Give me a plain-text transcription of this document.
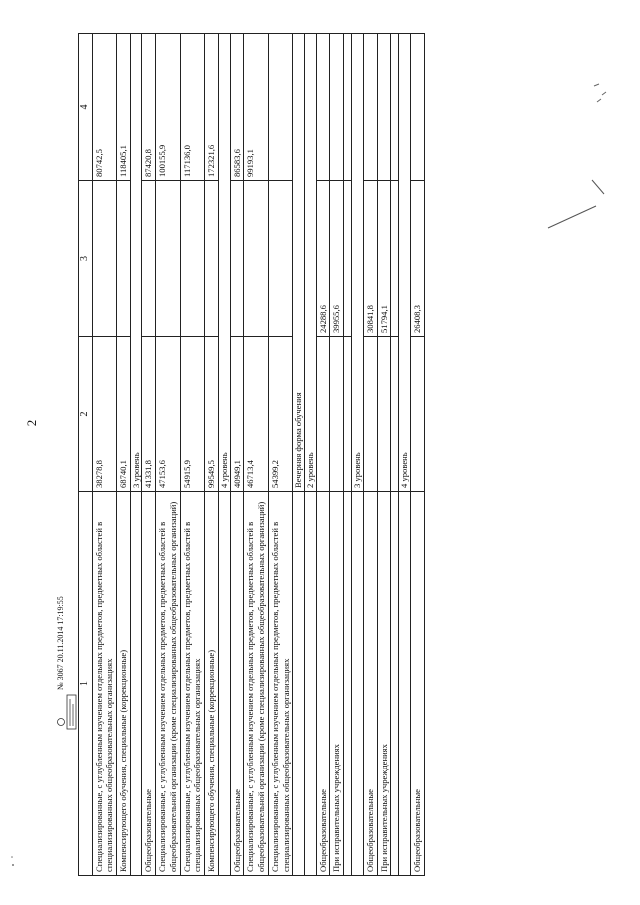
2
1	2	3	4
Специализированные, с углубленным изучением отдельных предметов, предметных областей в специализированных общеобразовательных организациях	38278,8		80742,5
Компенсирующего обучения, специальные (коррекционные)	68740,1		118405,1
	3 уровень		
Общеобразовательные	41331,8		87420,8
Специализированные, с углубленным изучением отдельных предметов, предметных областей в общеобразовательной организации (кроме специализированных общеобразовательных организаций)	47153,6		100155,9
Специализированные, с углубленным изучением отдельных предметов, предметных областей в специализированных общеобразовательных организациях	54915,9		117136,0
Компенсирующего обучения, специальные (коррекционные)	99549,5		172321,6
	4 уровень		
Общеобразовательные	40949,1		86583,6
Специализированные, с углубленным изучением отдельных предметов, предметных областей в общеобразовательной организации (кроме специализированных общеобразовательных организаций)	46713,4		99193,1
Специализированные, с углубленным изучением отдельных предметов, предметных областей в специализированных общеобразовательных организациях	54399,2		
	Вечерняя форма обучения		
	2 уровень		
Общеобразовательные		24288,6	
При исправительных учреждениях		39955,6	

	3 уровень		
Общеобразовательные		30841,8	
При исправительных учреждениях		51794,1	

	4 уровень		
Общеобразовательные		26408,3	
№ 3067 20.11.2014 17:19:55
